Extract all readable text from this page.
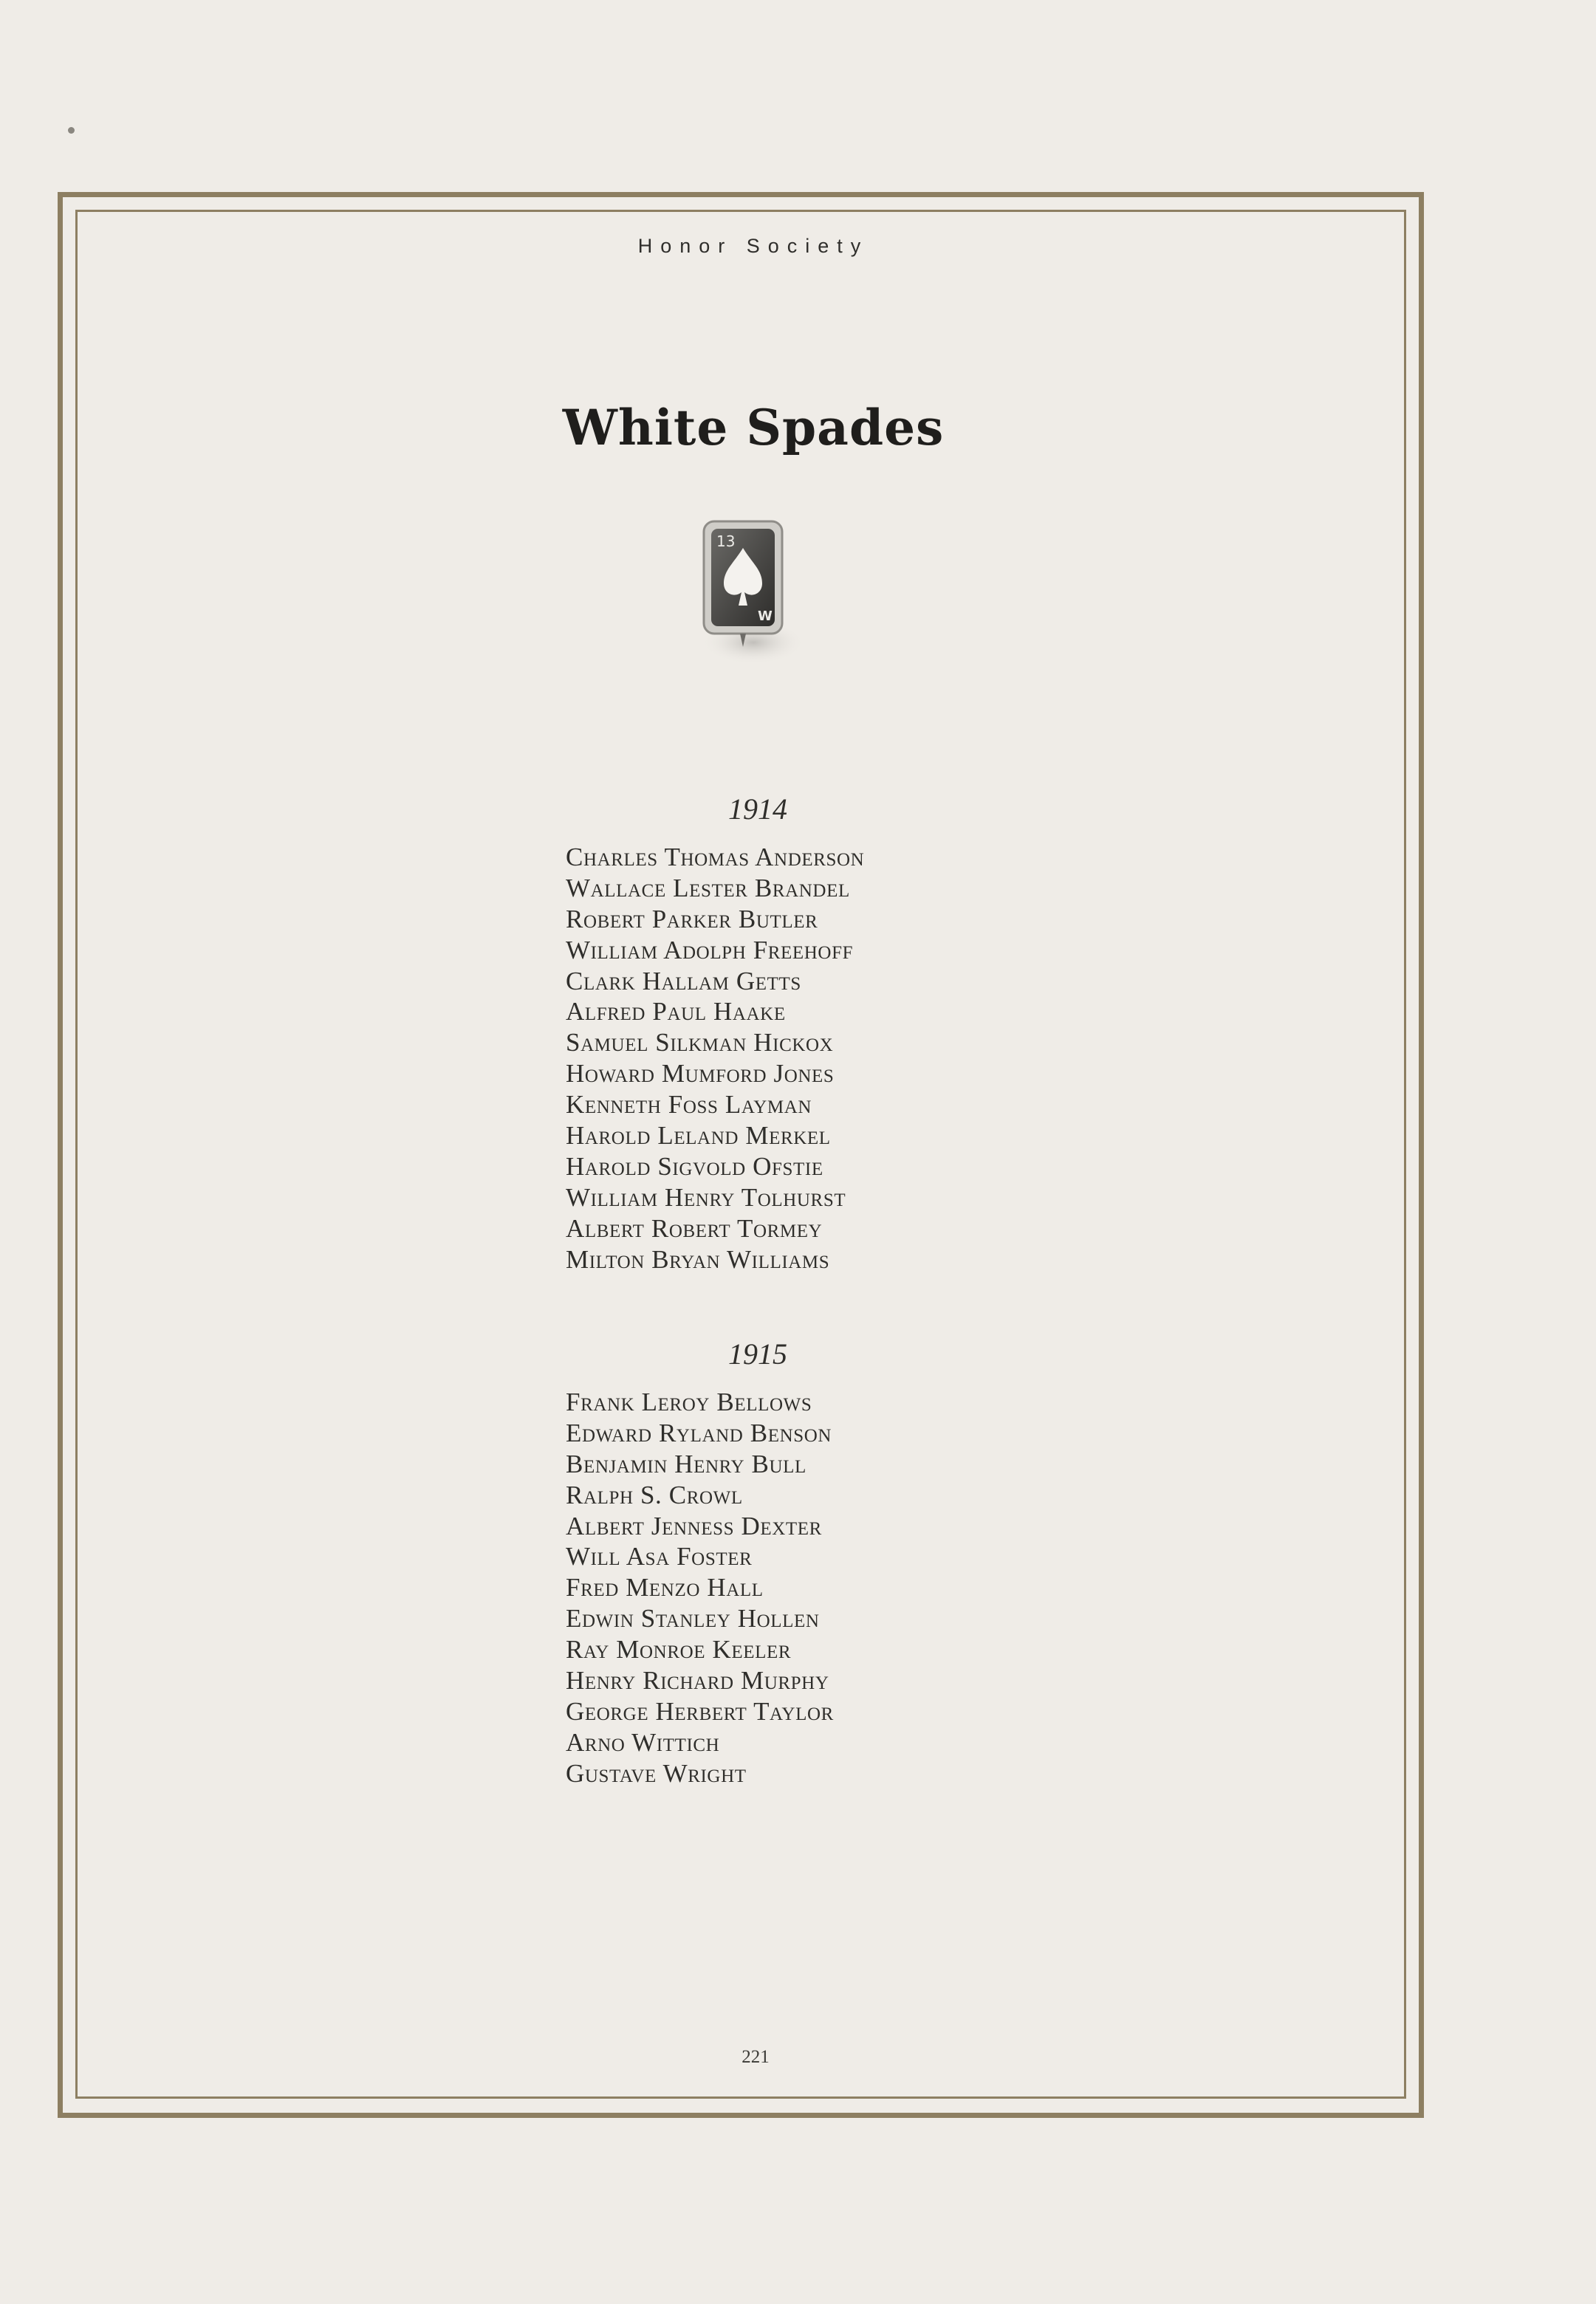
Honor Society
White Spades
13
W
1914
Charles Thomas Anderson
Wallace Lester Brandel
Robert Parker Butler
William Adolph Freehoff
Clark Hallam Getts
Alfred Paul Haake
Samuel Silkman Hickox
Howard Mumford Jones
Kenneth Foss Layman
Harold Leland Merkel
Harold Sigvold Ofstie
William Henry Tolhurst
Albert Robert Tormey
Milton Bryan Williams
1915
Frank Leroy Bellows
Edward Ryland Benson
Benjamin Henry Bull
Ralph S. Crowl
Albert Jenness Dexter
Will Asa Foster
Fred Menzo Hall
Edwin Stanley Hollen
Ray Monroe Keeler
Henry Richard Murphy
George Herbert Taylor
Arno Wittich
Gustave Wright
221
